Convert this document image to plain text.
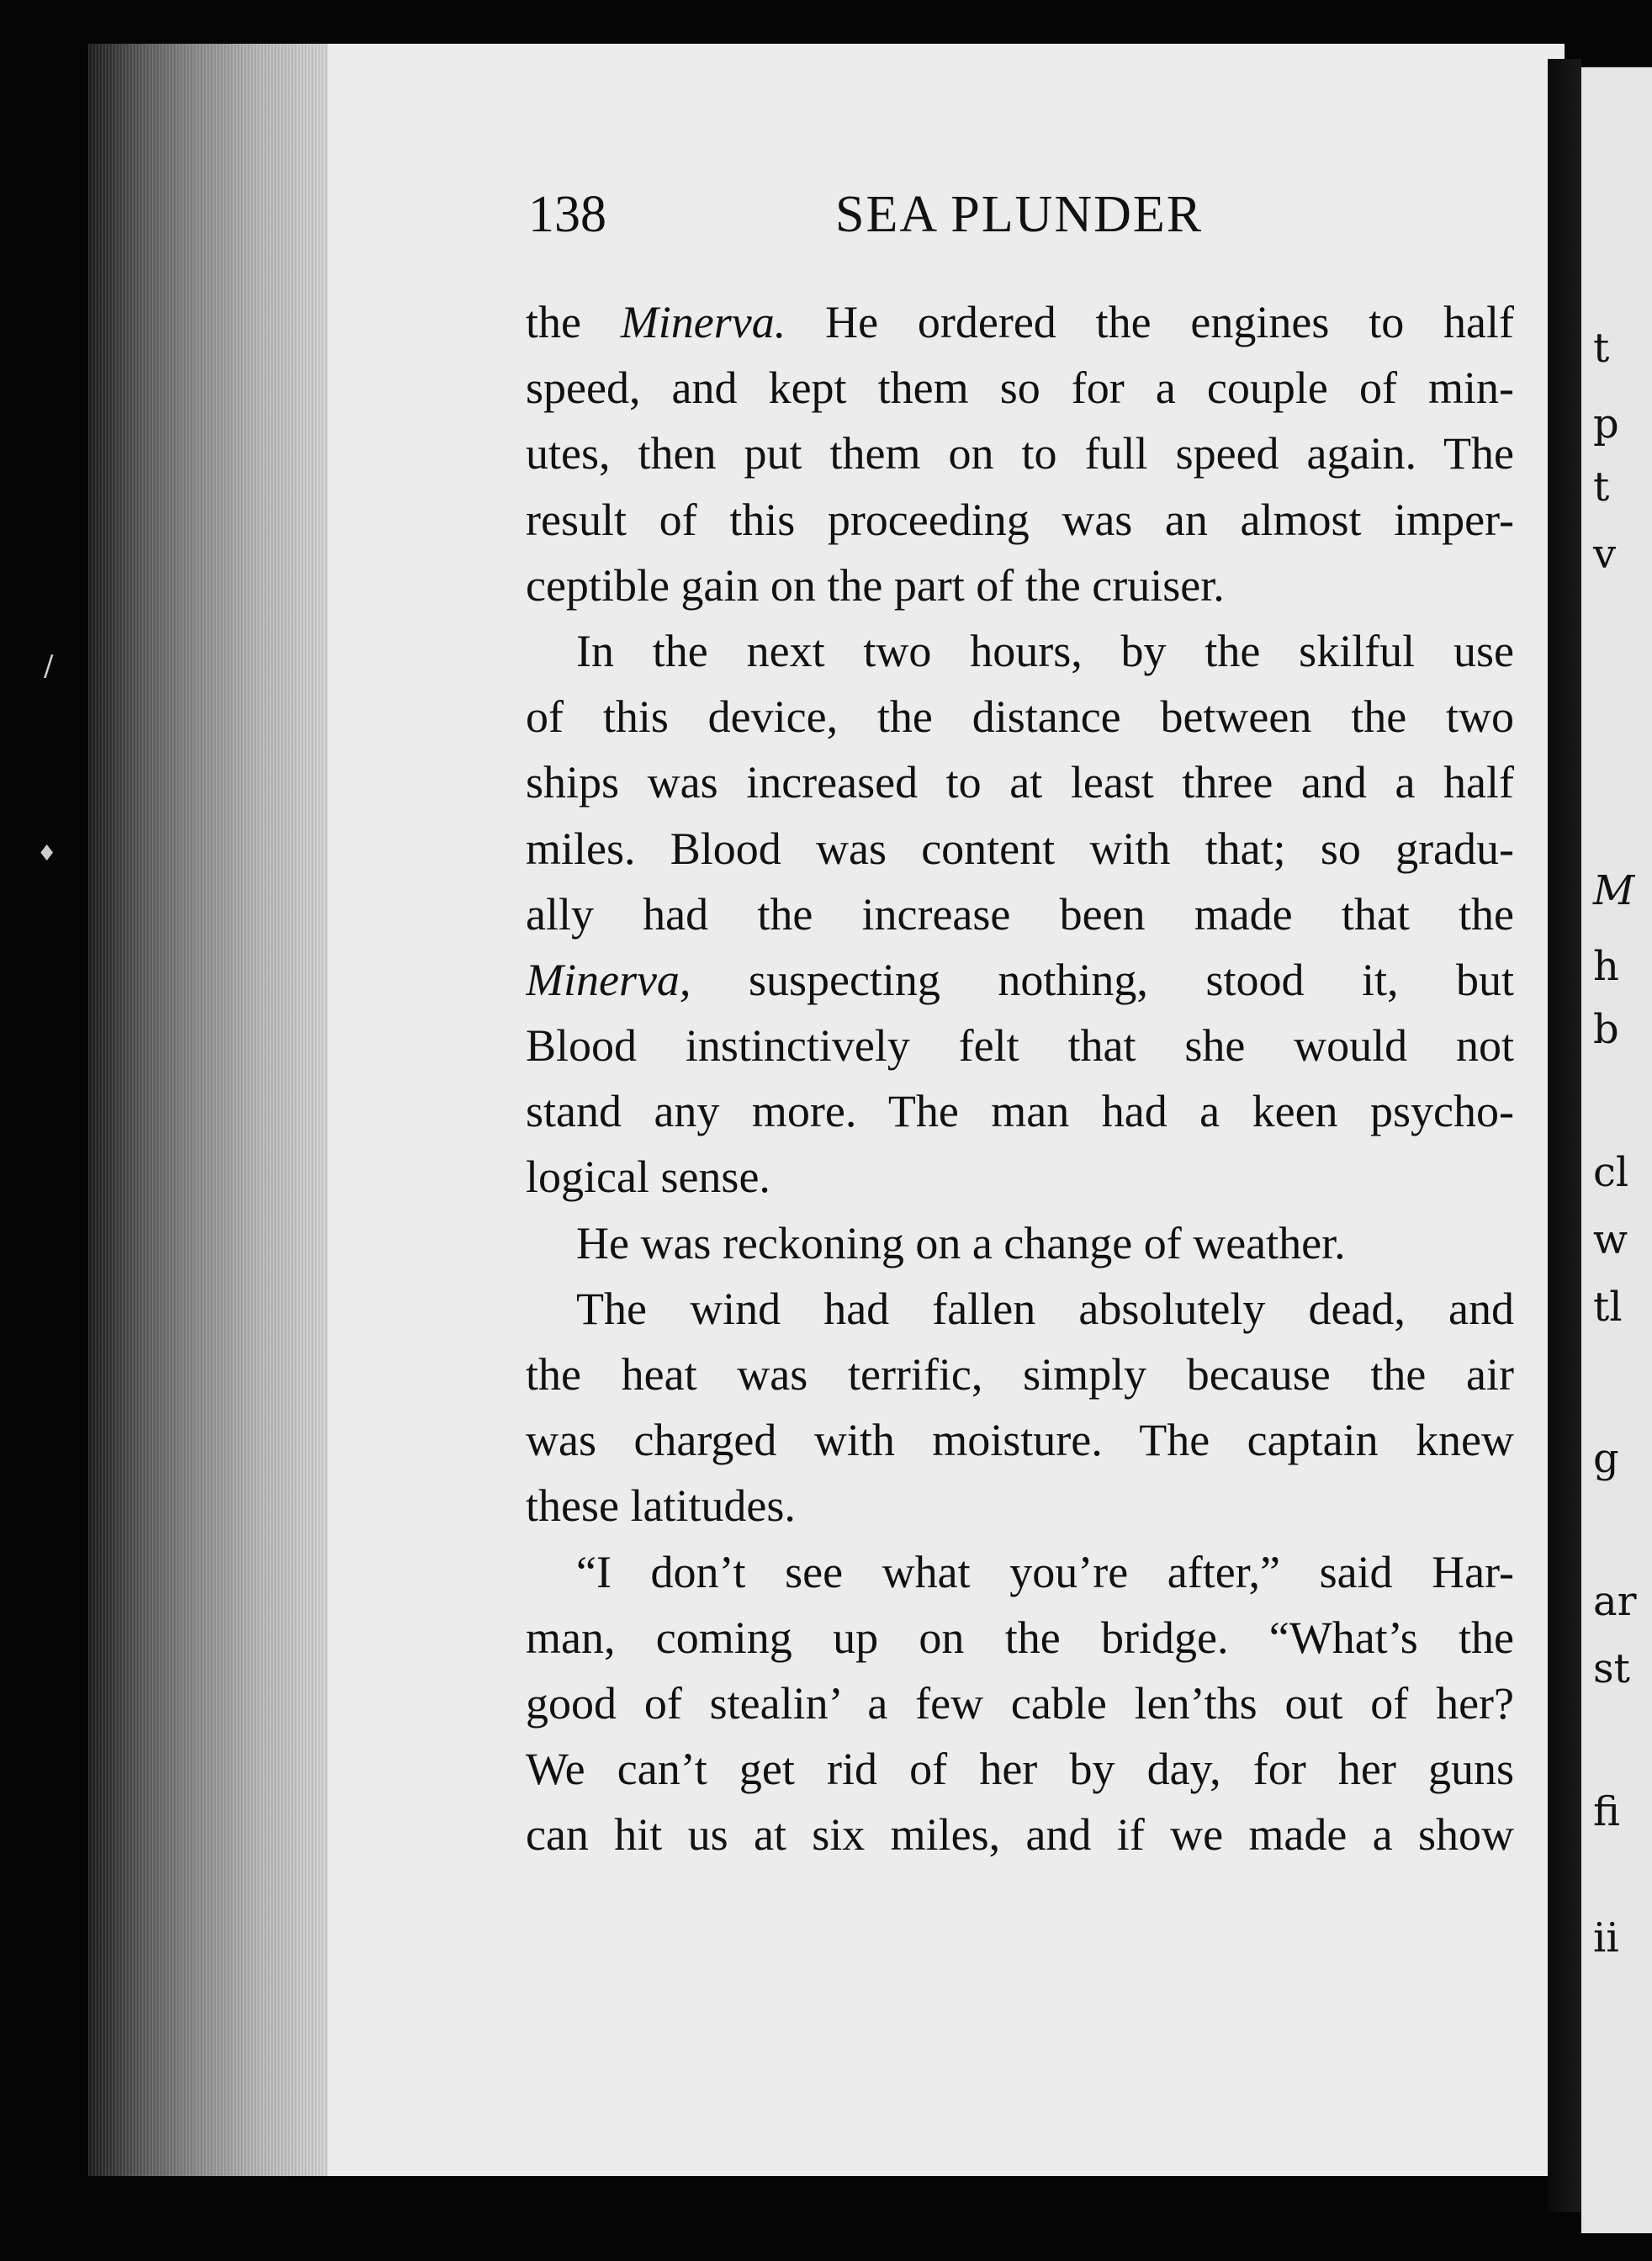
/
♦
138	SEA PLUNDER
the Minerva. He ordered the engines to half
speed, and kept them so for a couple of min-
utes, then put them on to full speed again. The
result of this proceeding was an almost imper-
ceptible gain on the part of the cruiser.
In the next two hours, by the skilful use
of this device, the distance between the two
ships was increased to at least three and a half
miles. Blood was content with that; so gradu-
ally had the increase been made that the
Minerva, suspecting nothing, stood it, but
Blood instinctively felt that she would not
stand any more. The man had a keen psycho-
logical sense.
He was reckoning on a change of weather.
The wind had fallen absolutely dead, and
the heat was terrific, simply because the air
was charged with moisture. The captain knew
these latitudes.
“I don’t see what you’re after,” said Har-
man, coming up on the bridge. “What’s the
good of stealin’ a few cable len’ths out of her?
We can’t get rid of her by day, for her guns
can hit us at six miles, and if we made a show
t
p
t
v
M
h
b
cl
w
tl
g
ar
st
fi
ii
